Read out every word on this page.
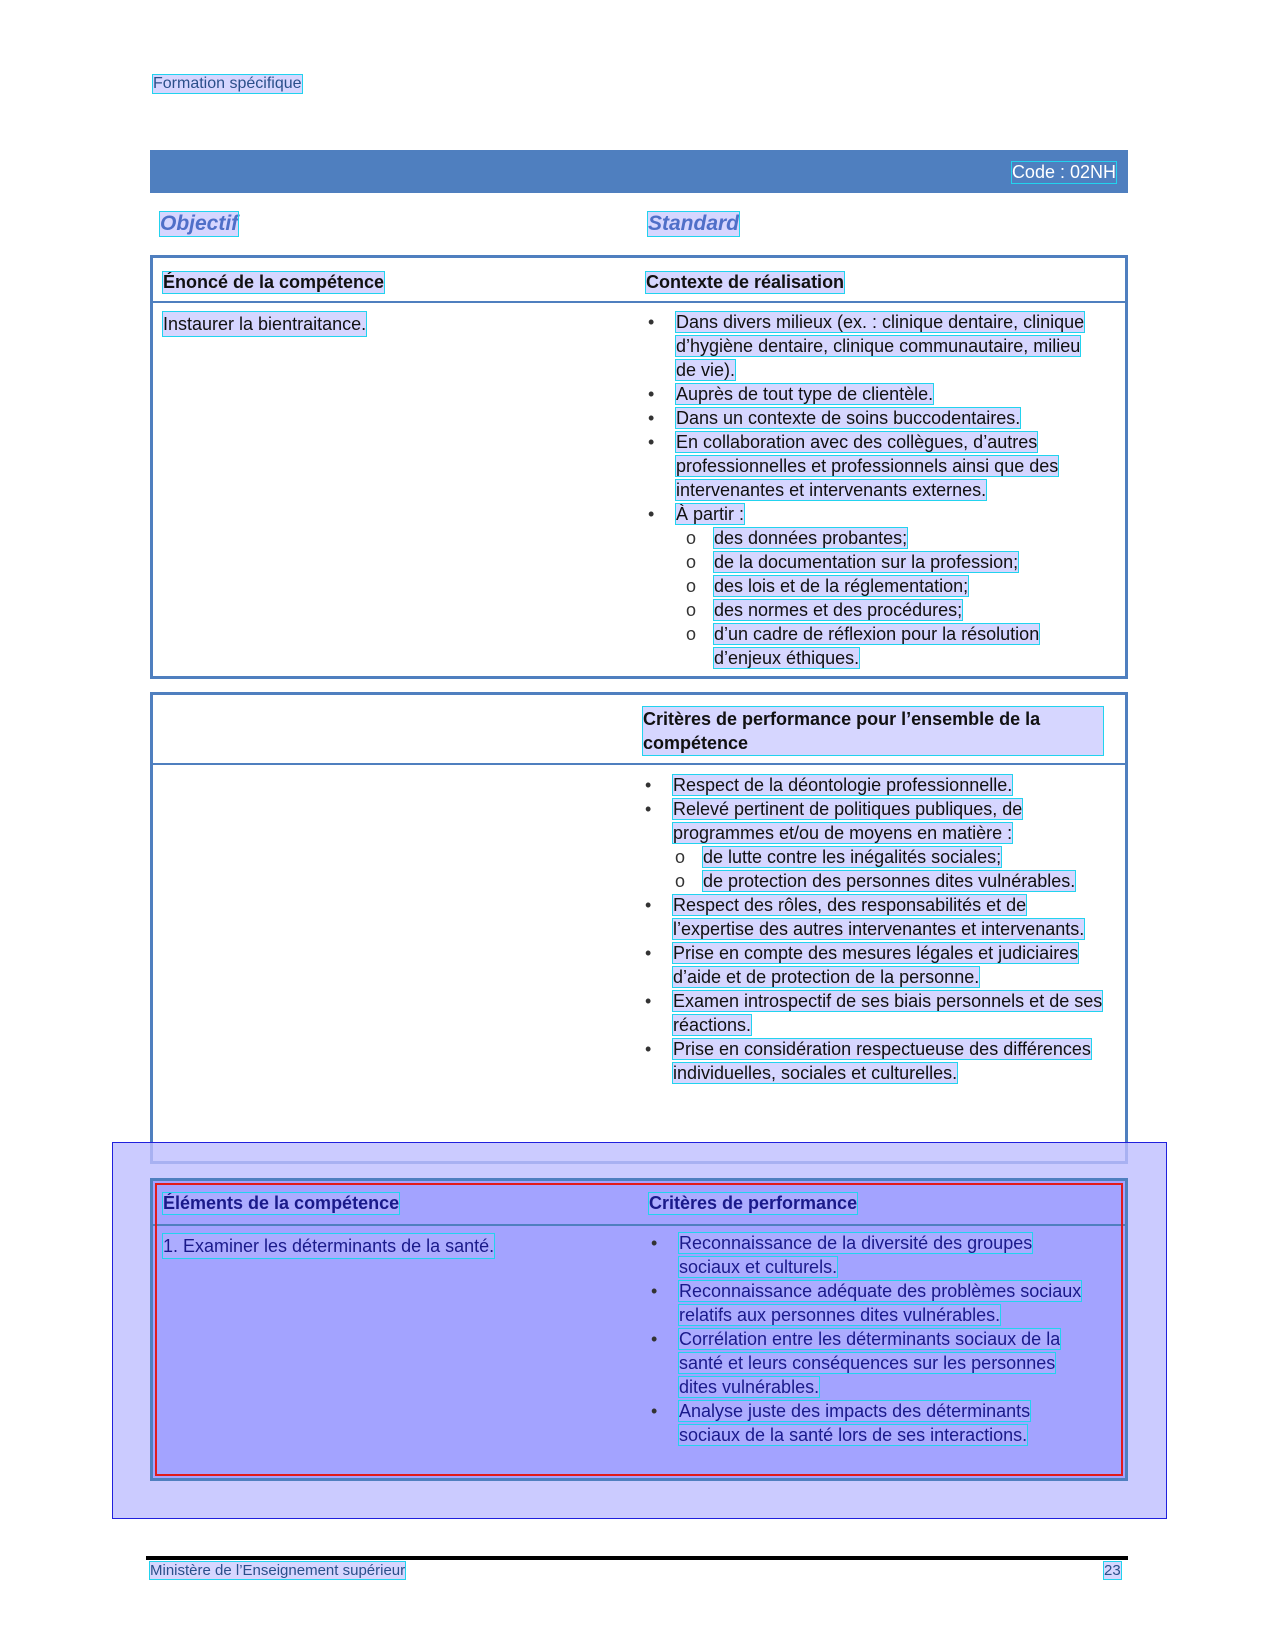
Formation spécifique
Code : 02NH
Objectif	Standard
Énoncé de la compétence	Contexte de réalisation
Instaurer la bientraitance.	• Dans divers milieux (ex. : clinique dentaire, clinique d’hygiène dentaire, clinique communautaire, milieu de vie).
• Auprès de tout type de clientèle.
• Dans un contexte de soins buccodentaires.
• En collaboration avec des collègues, d’autres professionnelles et professionnels ainsi que des intervenantes et intervenants externes.
• À partir :
o des données probantes;
o de la documentation sur la profession;
o des lois et de la réglementation;
o des normes et des procédures;
o d’un cadre de réflexion pour la résolution d’enjeux éthiques.
Critères de performance pour l’ensemble de la compétence
• Respect de la déontologie professionnelle.
• Relevé pertinent de politiques publiques, de programmes et/ou de moyens en matière :
o de lutte contre les inégalités sociales;
o de protection des personnes dites vulnérables.
• Respect des rôles, des responsabilités et de l’expertise des autres intervenantes et intervenants.
• Prise en compte des mesures légales et judiciaires d’aide et de protection de la personne.
• Examen introspectif de ses biais personnels et de ses réactions.
• Prise en considération respectueuse des différences individuelles, sociales et culturelles.
Éléments de la compétence	Critères de performance
1. Examiner les déterminants de la santé.	• Reconnaissance de la diversité des groupes sociaux et culturels.
• Reconnaissance adéquate des problèmes sociaux relatifs aux personnes dites vulnérables.
• Corrélation entre les déterminants sociaux de la santé et leurs conséquences sur les personnes dites vulnérables.
• Analyse juste des impacts des déterminants sociaux de la santé lors de ses interactions.
Ministère de l’Enseignement supérieur	23
